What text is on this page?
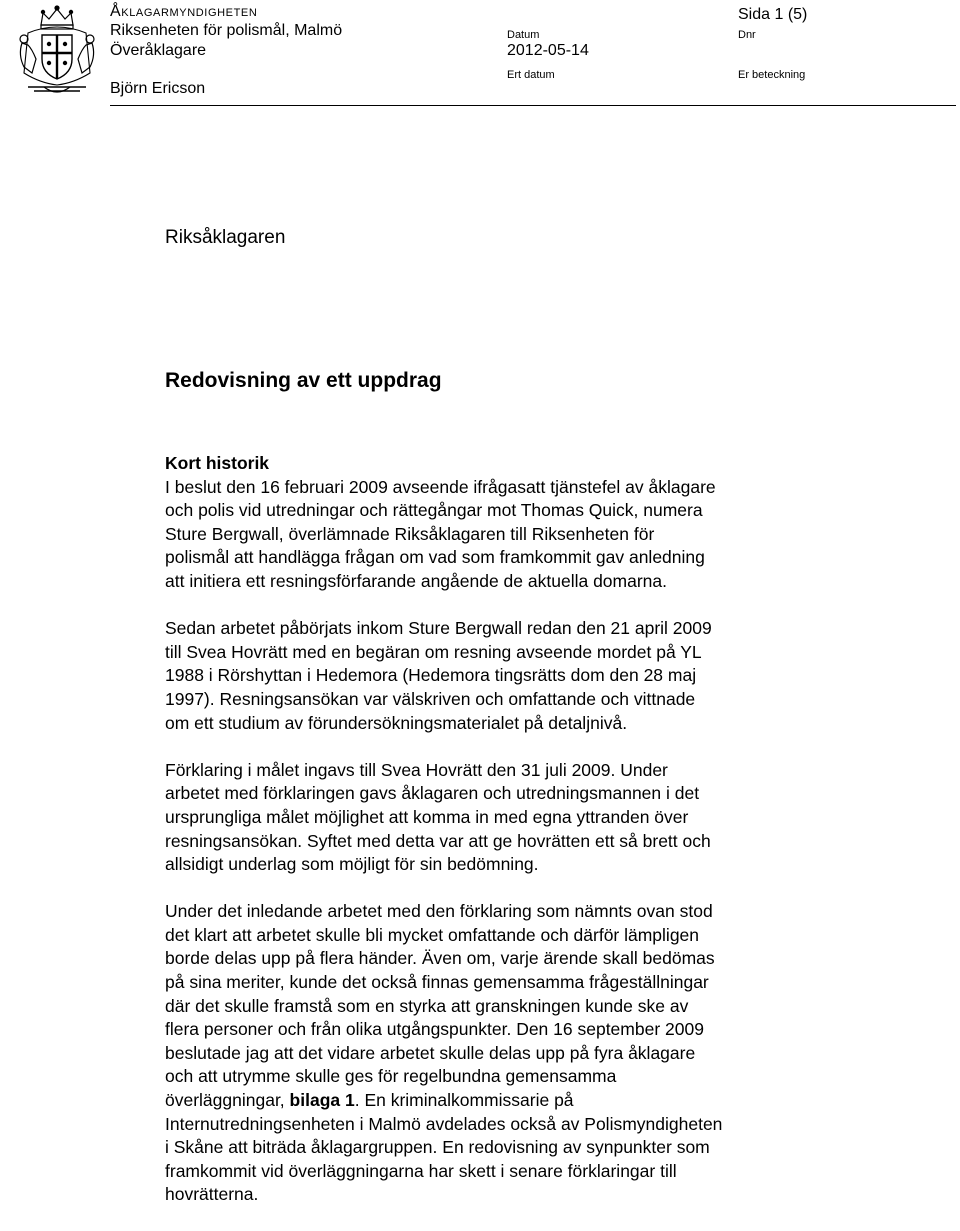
Åklagarmyndigheten
Riksenheten för polismål, Malmö
Överåklagare
Björn Ericson
Datum
2012-05-14
Ert datum
Sida 1 (5)
Dnr
Er beteckning
Riksåklagaren
Redovisning av ett uppdrag
Kort historik

I beslut den 16 februari 2009 avseende ifrågasatt tjänstefel av åklagare
och polis vid utredningar och rättegångar mot Thomas Quick, numera
Sture Bergwall, överlämnade Riksåklagaren till Riksenheten för
polismål att handlägga frågan om vad som framkommit gav anledning
att initiera ett resningsförfarande angående de aktuella domarna.

Sedan arbetet påbörjats inkom Sture Bergwall redan den 21 april 2009
till Svea Hovrätt med en begäran om resning avseende mordet på YL
1988 i Rörshyttan i Hedemora (Hedemora tingsrätts dom den 28 maj
1997). Resningsansökan var välskriven och omfattande och vittnade
om ett studium av förundersökningsmaterialet på detaljnivå.

Förklaring i målet ingavs till Svea Hovrätt den 31 juli 2009. Under
arbetet med förklaringen gavs åklagaren och utredningsmannen i det
ursprungliga målet möjlighet att komma in med egna yttranden över
resningsansökan. Syftet med detta var att ge hovrätten ett så brett och
allsidigt underlag som möjligt för sin bedömning.

Under det inledande arbetet med den förklaring som nämnts ovan stod
det klart att arbetet skulle bli mycket omfattande och därför lämpligen
borde delas upp på flera händer. Även om, varje ärende skall bedömas
på sina meriter, kunde det också finnas gemensamma frågeställningar
där det skulle framstå som en styrka att granskningen kunde ske av
flera personer och från olika utgångspunkter. Den 16 september 2009
beslutade jag att det vidare arbetet skulle delas upp på fyra åklagare
och att utrymme skulle ges för regelbundna gemensamma
överläggningar, bilaga 1. En kriminalkommissarie på
Internutredningsenheten i Malmö avdelades också av Polismyndigheten
i Skåne att biträda åklagargruppen. En redovisning av synpunkter som
framkommit vid överläggningarna har skett i senare förklaringar till
hovrätterna.
